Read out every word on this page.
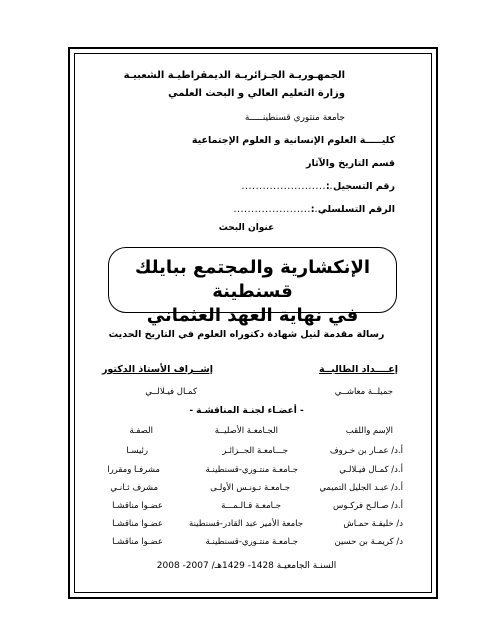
الجمهـوريـة الجـزائريـة الديمقراطيـة الشعبيـة
وزارة التعليم العالي و البحث العلمي
جامعة منتوري قسنطينـــــة
كليـــــة العلوم الإنسانية و العلوم الإجتماعية
قسم التاريخ والآثار
رقم التسجيل :
..........................
الرقم التسلسلي :
..........................
عنوان البحث
الإنكشارية والمجتمع ببايلك قسنطينة
في نهاية العهد العثماني
رسالة مقدمة لنيل شهادة دكتوراه العلوم في التاريخ الحديث
إعــــداد الطالبــة
جميلــة معاشــي
إشــراف الأستاذ الدكتور
كمـال فيـلالــي
- أعضـاء لجنـة المناقشـة -
الإسم واللقب
الجـامعـة الأصليــة
الصفـة
أ.د/ عمـار بن خـروف
جـــامعـة الجــزائـر
رئيسـا
أ.د/ كمـال فيـلالـي
جـامعـة منتـوري-قسنطينـة
مشرفـا ومقررا
أ.د/ عبـد الجليل التميمي
جـامعـة تـونـس الأولـى
مشرف ثـانـي
أ.د/ صـالـح فركـوس
جـامعـة قـالـمـــة
عضـوا مناقشـا
د/ خليفـة حمـاش
جامعة الأمير عبد القادر-قسنطينة
عضـوا مناقشـا
د/ كريمـة بن حسين
جـامعـة منتـوري-قسنطينـة
عضـوا مناقشـا
السنـة الجامعيـة 1428- 1429هـ/ 2007- 2008
